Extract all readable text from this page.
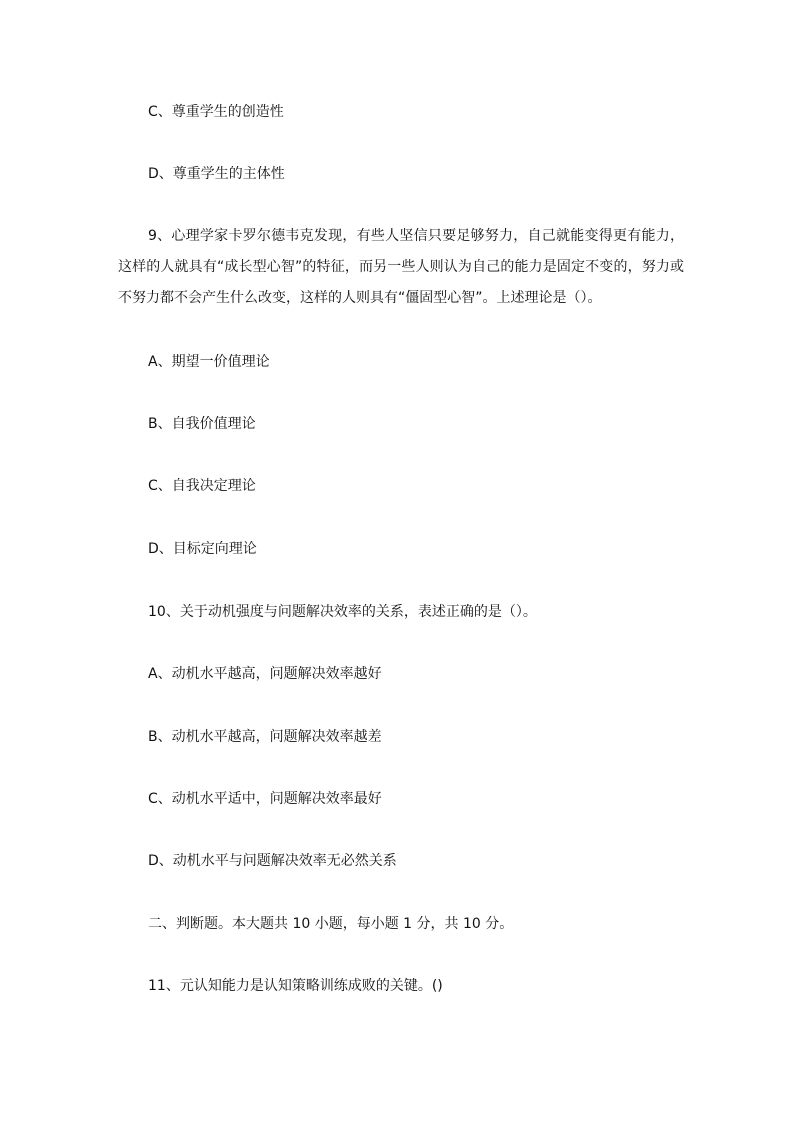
C、尊重学生的创造性
D、尊重学生的主体性
9、心理学家卡罗尔德韦克发现，有些人坚信只要足够努力，自己就能变得更有能力，这样的人就具有“成长型心智”的特征，而另一些人则认为自己的能力是固定不变的，努力或不努力都不会产生什么改变，这样的人则具有“僵固型心智”。上述理论是（）。
A、期望一价值理论
B、自我价值理论
C、自我决定理论
D、目标定向理论
10、关于动机强度与问题解决效率的关系，表述正确的是（）。
A、动机水平越高，问题解决效率越好
B、动机水平越高，问题解决效率越差
C、动机水平适中，问题解决效率最好
D、动机水平与问题解决效率无必然关系
二、判断题。本大题共 10 小题，每小题 1 分，共 10 分。
11、元认知能力是认知策略训练成败的关键。()
